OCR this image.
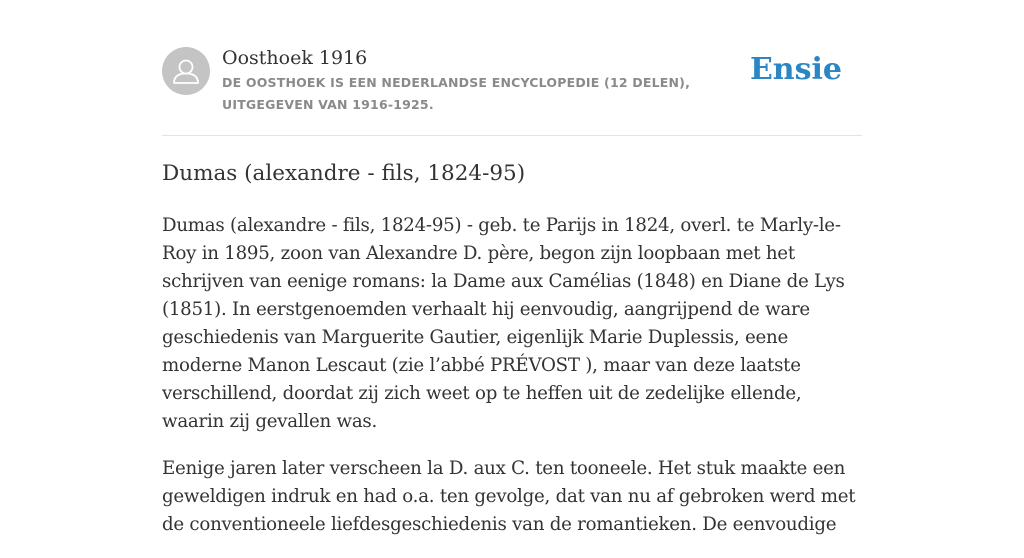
Oosthoek 1916
DE OOSTHOEK IS EEN NEDERLANDSE ENCYCLOPEDIE (12 DELEN), UITGEGEVEN VAN 1916-1925.
Ensie
Dumas (alexandre - fils, 1824-95)

Dumas (alexandre - fils, 1824-95) - geb. te Parijs in 1824, overl. te Marly-le-Roy in 1895, zoon van Alexandre D. père, begon zijn loopbaan met het schrijven van eenige romans: la Dame aux Camélias (1848) en Diane de Lys (1851). In eerstgenoemden verhaalt hij eenvoudig, aangrijpend de ware geschiedenis van Marguerite Gautier, eigenlijk Marie Duplessis, eene moderne Manon Lescaut (zie l’abbé PRÉVOST ), maar van deze laatste verschillend, doordat zij zich weet op te heffen uit de zedelijke ellende, waarin zij gevallen was.

Eenige jaren later verscheen la D. aux C. ten tooneele. Het stuk maakte een geweldigen indruk en had o.a. ten gevolge, dat van nu af gebroken werd met de conventioneele liefdesgeschiedenis van de romantieken. De eenvoudige
